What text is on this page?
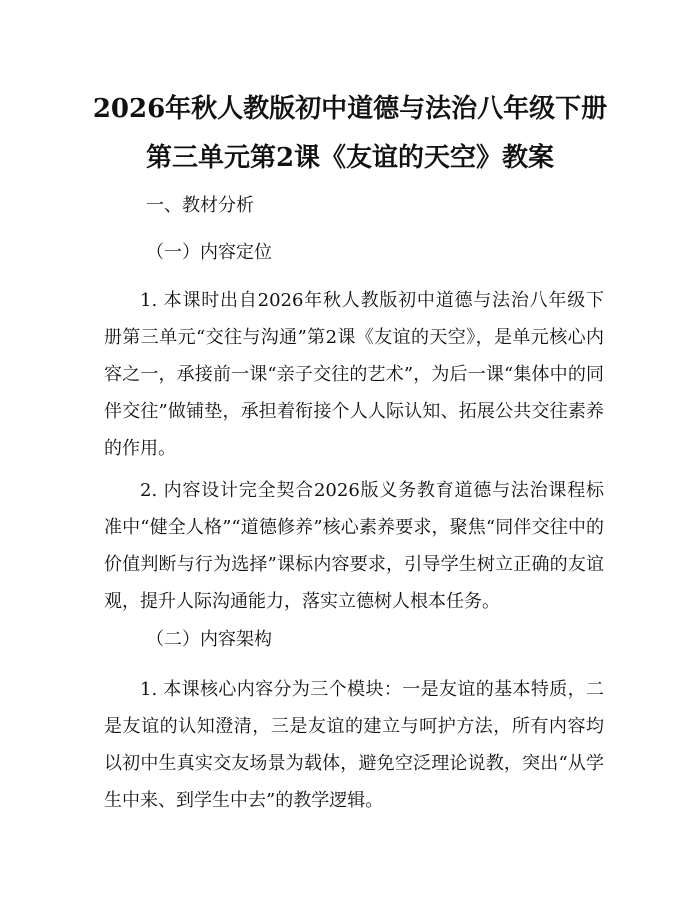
2026年秋人教版初中道德与法治八年级下册
第三单元第2课《友谊的天空》教案
一、教材分析
（一）内容定位

1. 本课时出自2026年秋人教版初中道德与法治八年级下册第三单元“交往与沟通”第2课《友谊的天空》，是单元核心内容之一，承接前一课“亲子交往的艺术”，为后一课“集体中的同伴交往”做铺垫，承担着衔接个人人际认知、拓展公共交往素养的作用。

2. 内容设计完全契合2026版义务教育道德与法治课程标准中“健全人格”“道德修养”核心素养要求，聚焦“同伴交往中的价值判断与行为选择”课标内容要求，引导学生树立正确的友谊观，提升人际沟通能力，落实立德树人根本任务。

（二）内容架构

1. 本课核心内容分为三个模块：一是友谊的基本特质，二是友谊的认知澄清，三是友谊的建立与呵护方法，所有内容均以初中生真实交友场景为载体，避免空泛理论说教，突出“从学生中来、到学生中去”的教学逻辑。
